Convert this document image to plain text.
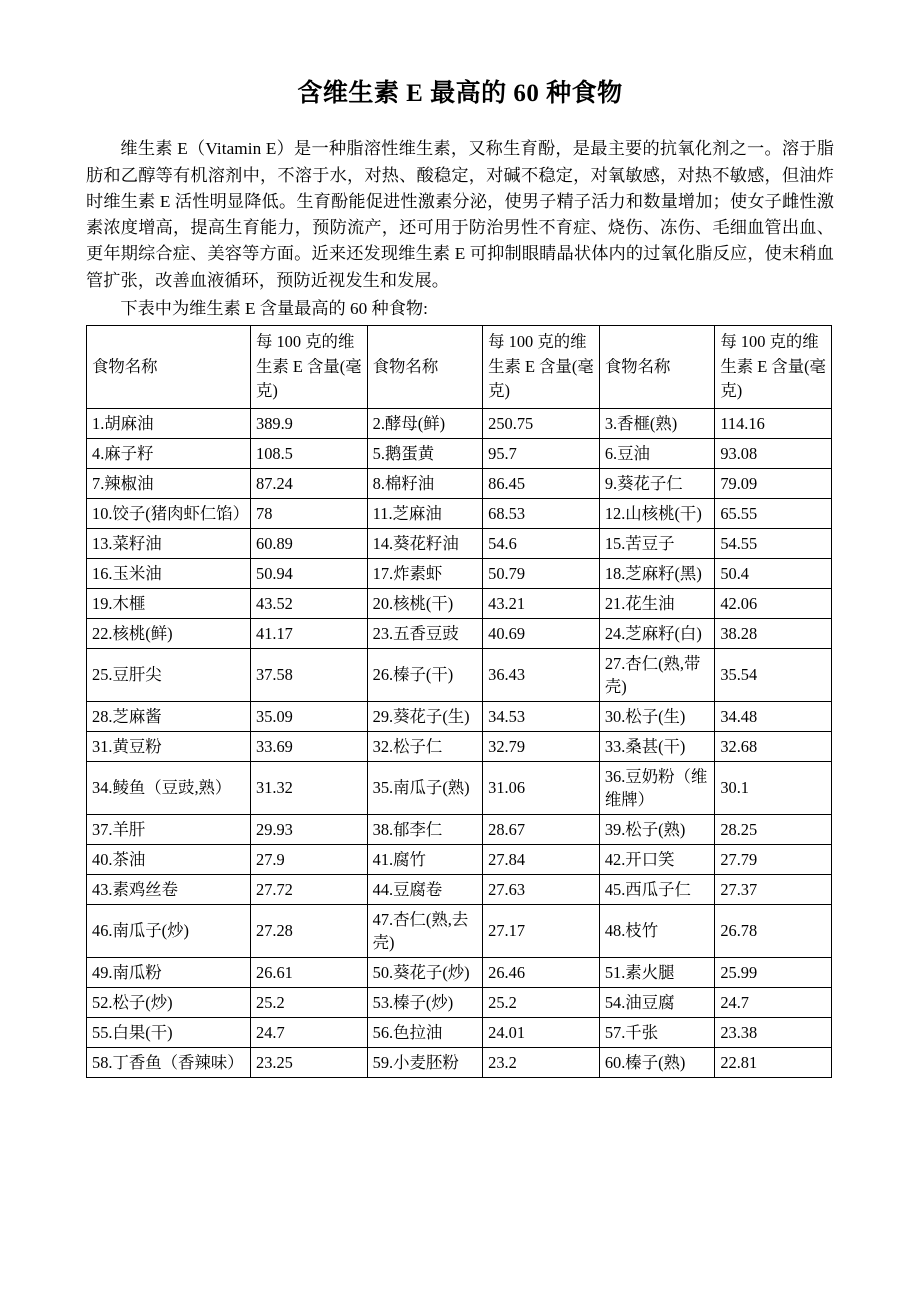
含维生素 E 最高的 60 种食物

维生素 E（Vitamin E）是一种脂溶性维生素，又称生育酚，是最主要的抗氧化剂之一。溶于脂肪和乙醇等有机溶剂中，不溶于水，对热、酸稳定，对碱不稳定，对氧敏感，对热不敏感，但油炸时维生素 E 活性明显降低。生育酚能促进性激素分泌，使男子精子活力和数量增加；使女子雌性激素浓度增高，提高生育能力，预防流产，还可用于防治男性不育症、烧伤、冻伤、毛细血管出血、更年期综合症、美容等方面。近来还发现维生素 E 可抑制眼睛晶状体内的过氧化脂反应，使末稍血管扩张，改善血液循环，预防近视发生和发展。

下表中为维生素 E 含量最高的 60 种食物:

食物名称	每 100 克的维生素 E 含量(毫克)	食物名称	每 100 克的维生素 E 含量(毫克)	食物名称	每 100 克的维生素 E 含量(毫克)
1.胡麻油	389.9	2.酵母(鲜)	250.75	3.香榧(熟)	114.16
4.麻子籽	108.5	5.鹅蛋黄	95.7	6.豆油	93.08
7.辣椒油	87.24	8.棉籽油	86.45	9.葵花子仁	79.09
10.饺子(猪肉虾仁馅）	78	11.芝麻油	68.53	12.山核桃(干)	65.55
13.菜籽油	60.89	14.葵花籽油	54.6	15.苦豆子	54.55
16.玉米油	50.94	17.炸素虾	50.79	18.芝麻籽(黑)	50.4
19.木榧	43.52	20.核桃(干)	43.21	21.花生油	42.06
22.核桃(鲜)	41.17	23.五香豆豉	40.69	24.芝麻籽(白)	38.28
25.豆肝尖	37.58	26.榛子(干)	36.43	27.杏仁(熟,带壳)	35.54
28.芝麻酱	35.09	29.葵花子(生)	34.53	30.松子(生)	34.48
31.黄豆粉	33.69	32.松子仁	32.79	33.桑甚(干)	32.68
34.鲮鱼（豆豉,熟）	31.32	35.南瓜子(熟)	31.06	36.豆奶粉（维维牌）	30.1
37.羊肝	29.93	38.郁李仁	28.67	39.松子(熟)	28.25
40.茶油	27.9	41.腐竹	27.84	42.开口笑	27.79
43.素鸡丝卷	27.72	44.豆腐卷	27.63	45.西瓜子仁	27.37
46.南瓜子(炒)	27.28	47.杏仁(熟,去壳)	27.17	48.枝竹	26.78
49.南瓜粉	26.61	50.葵花子(炒)	26.46	51.素火腿	25.99
52.松子(炒)	25.2	53.榛子(炒)	25.2	54.油豆腐	24.7
55.白果(干)	24.7	56.色拉油	24.01	57.千张	23.38
58.丁香鱼（香辣味）	23.25	59.小麦胚粉	23.2	60.榛子(熟)	22.81
